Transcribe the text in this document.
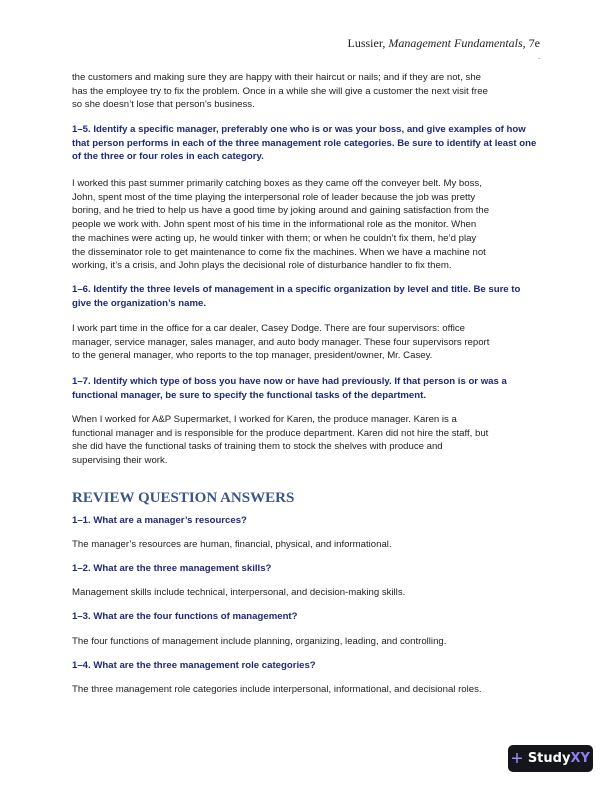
Lussier, Management Fundamentals, 7e
.
the customers and making sure they are happy with their haircut or nails; and if they are not, she
has the employee try to fix the problem. Once in a while she will give a customer the next visit free
so she doesn’t lose that person’s business.
1–5. Identify a specific manager, preferably one who is or was your boss, and give examples of how
that person performs in each of the three management role categories. Be sure to identify at least one
of the three or four roles in each category.
I worked this past summer primarily catching boxes as they came off the conveyer belt. My boss,
John, spent most of the time playing the interpersonal role of leader because the job was pretty
boring, and he tried to help us have a good time by joking around and gaining satisfaction from the
people we work with. John spent most of his time in the informational role as the monitor. When
the machines were acting up, he would tinker with them; or when he couldn’t fix them, he’d play
the disseminator role to get maintenance to come fix the machines. When we have a machine not
working, it’s a crisis, and John plays the decisional role of disturbance handler to fix them.
1–6. Identify the three levels of management in a specific organization by level and title. Be sure to
give the organization’s name.
I work part time in the office for a car dealer, Casey Dodge. There are four supervisors: office
manager, service manager, sales manager, and auto body manager. These four supervisors report
to the general manager, who reports to the top manager, president/owner, Mr. Casey.
1–7. Identify which type of boss you have now or have had previously. If that person is or was a
functional manager, be sure to specify the functional tasks of the department.
When I worked for A&P Supermarket, I worked for Karen, the produce manager. Karen is a
functional manager and is responsible for the produce department. Karen did not hire the staff, but
she did have the functional tasks of training them to stock the shelves with produce and
supervising their work.
REVIEW QUESTION ANSWERS
1–1. What are a manager’s resources?
The manager’s resources are human, financial, physical, and informational.
1–2. What are the three management skills?
Management skills include technical, interpersonal, and decision-making skills.
1–3. What are the four functions of management?
The four functions of management include planning, organizing, leading, and controlling.
1–4. What are the three management role categories?
The three management role categories include interpersonal, informational, and decisional roles.
+ StudyXY
